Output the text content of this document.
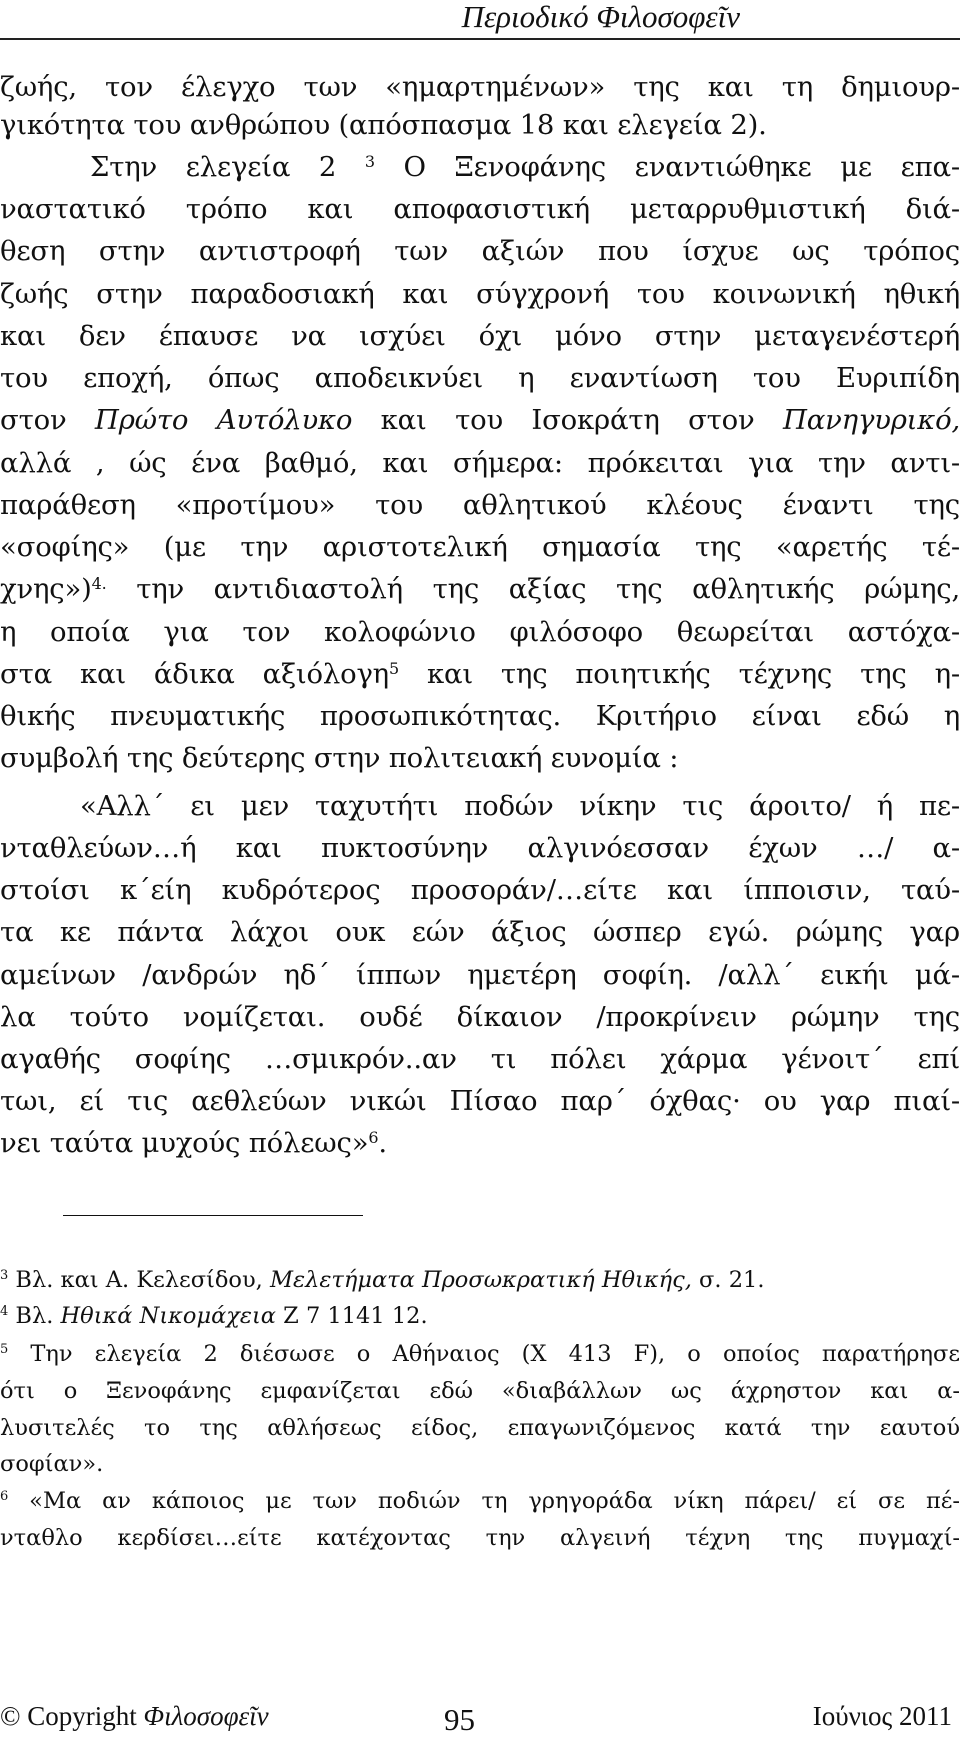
Περιοδικό Φιλοσοφεῖν
ζωής, τον έλεγχο των «ημαρτημένων» της και τη δημιουρ-
γικότητα του ανθρώπου (απόσπασμα 18 και ελεγεία 2).
Στην ελεγεία 2 $^3$ Ο Ξενοφάνης εναντιώθηκε με επα-
ναστατικό τρόπο και αποφασιστική μεταρρυθμιστική διά-
θεση στην αντιστροφή των αξιών που ίσχυε ως τρόπος
ζωής στην παραδοσιακή και σύγχρονή του κοινωνική ηθική
και δεν έπαυσε να ισχύει όχι μόνο στην μεταγενέστερή
του εποχή, όπως αποδεικνύει η εναντίωση του Ευριπίδη
στον Πρώτο Αυτόλυκο και του Ισοκράτη στον Πανηγυρικό,
αλλά , ώς ένα βαθμό, και σήμερα: πρόκειται για την αντι-
παράθεση «προτίμου» του αθλητικού κλέους έναντι της
«σοφίης» (με την αριστοτελική σημασία της «αρετής τέ-
χνης»)$^{4.}$ την αντιδιαστολή της αξίας της αθλητικής ρώμης,
η οποία για τον κολοφώνιο φιλόσοφο θεωρείται αστόχα-
στα και άδικα αξιόλογη$^5$ και της ποιητικής τέχνης της η-
θικής πνευματικής προσωπικότητας. Κριτήριο είναι εδώ η
συμβολή της δεύτερης στην πολιτειακή ευνομία :
«Αλλ΄ ει μεν ταχυτήτι ποδών νίκην τις άροιτο/ ή πε-
νταθλεύων…ή και πυκτοσύνην αλγινόεσσαν έχων …/ α-
στοίσι κ΄είη κυδρότερος προσοράν/…είτε και ίπποισιν, ταύ-
τα κε πάντα λάχοι ουκ εών άξιος ώσπερ εγώ. ρώμης γαρ
αμείνων /ανδρών ηδ΄ ίππων ημετέρη σοφίη. /αλλ΄ εικήι μά-
λα τούτο νομίζεται. ουδέ δίκαιον /προκρίνειν ρώμην της
αγαθής σοφίης …σμικρόν..αν τι πόλει χάρμα γένοιτ΄ επί
τωι, εί τις αεθλεύων νικώι Πίσαο παρ΄ όχθας· ου γαρ πιαί-
νει ταύτα μυχούς πόλεως»$^6$.
$^3$ Βλ. και Α. Κελεσίδου, Μελετήματα Προσωκρατική Ηθικής, σ. 21.
$^4$ Βλ. Ηθικά Νικομάχεια Ζ 7 1141 12.
$^5$ Την ελεγεία 2 διέσωσε ο Αθήναιος (Χ 413 F), ο οποίος παρατήρησε
ότι ο Ξενοφάνης εμφανίζεται εδώ «διαβάλλων ως άχρηστον και α-
λυσιτελές το της αθλήσεως είδος, επαγωνιζόμενος κατά την εαυτού
σοφίαν».
$^6$ «Μα αν κάποιος με των ποδιών τη γρηγοράδα νίκη πάρει/ εί σε πέ-
νταθλο κερδίσει…είτε κατέχοντας την αλγεινή τέχνη της πυγμαχί-
© Copyright Φιλοσοφεῖν	95	Ιούνιος 2011
